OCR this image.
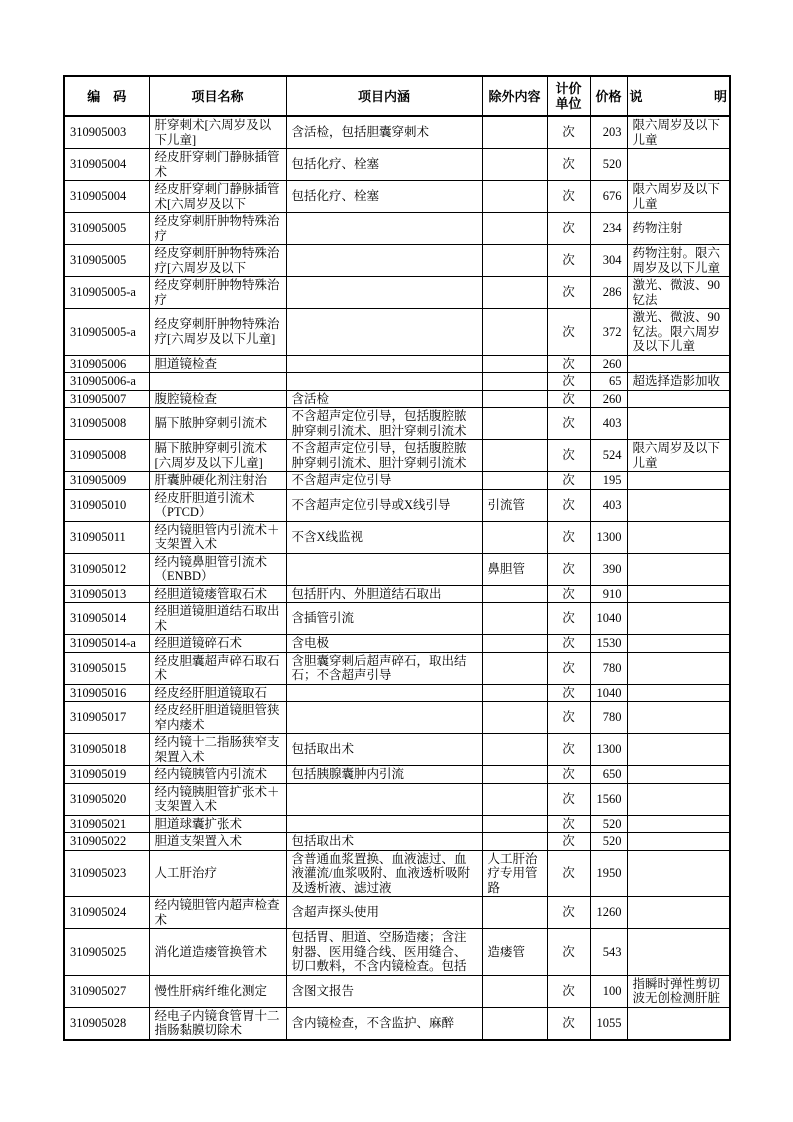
编　码	项目名称	项目内涵	除外内容	计价单位	价格	说明
310905003	肝穿刺术[六周岁及以下儿童]	含活检，包括胆囊穿刺术		次	203	限六周岁及以下儿童
310905004	经皮肝穿刺门静脉插管术	包括化疗、栓塞		次	520	
310905004	经皮肝穿刺门静脉插管术[六周岁及以下	包括化疗、栓塞		次	676	限六周岁及以下儿童
310905005	经皮穿刺肝肿物特殊治疗			次	234	药物注射
310905005	经皮穿刺肝肿物特殊治疗[六周岁及以下			次	304	药物注射。限六周岁及以下儿童
310905005-a	经皮穿刺肝肿物特殊治疗			次	286	激光、微波、90钇法
310905005-a	经皮穿刺肝肿物特殊治疗[六周岁及以下儿童]			次	372	激光、微波、90钇法。限六周岁及以下儿童
310905006	胆道镜检查			次	260	
310905006-a				次	65	超选择造影加收
310905007	腹腔镜检查	含活检		次	260	
310905008	膈下脓肿穿刺引流术	不含超声定位引导，包括腹腔脓肿穿刺引流术、胆汁穿刺引流术		次	403	
310905008	膈下脓肿穿刺引流术[六周岁及以下儿童]	不含超声定位引导，包括腹腔脓肿穿刺引流术、胆汁穿刺引流术		次	524	限六周岁及以下儿童
310905009	肝囊肿硬化剂注射治	不含超声定位引导		次	195	
310905010	经皮肝胆道引流术（PTCD）	不含超声定位引导或X线引导	引流管	次	403	
310905011	经内镜胆管内引流术＋支架置入术	不含X线监视		次	1300	
310905012	经内镜鼻胆管引流术（ENBD）		鼻胆管	次	390	
310905013	经胆道镜瘘管取石术	包括肝内、外胆道结石取出		次	910	
310905014	经胆道镜胆道结石取出术	含插管引流		次	1040	
310905014-a	经胆道镜碎石术	含电极		次	1530	
310905015	经皮胆囊超声碎石取石术	含胆囊穿刺后超声碎石，取出结石；不含超声引导		次	780	
310905016	经皮经肝胆道镜取石			次	1040	
310905017	经皮经肝胆道镜胆管狭窄内瘘术			次	780	
310905018	经内镜十二指肠狭窄支架置入术	包括取出术		次	1300	
310905019	经内镜胰管内引流术	包括胰腺囊肿内引流		次	650	
310905020	经内镜胰胆管扩张术＋支架置入术			次	1560	
310905021	胆道球囊扩张术			次	520	
310905022	胆道支架置入术	包括取出术		次	520	
310905023	人工肝治疗	含普通血浆置换、血液滤过、血液灌流/血浆吸附、血液透析吸附及透析液、滤过液	人工肝治疗专用管路	次	1950	
310905024	经内镜胆管内超声检查术	含超声探头使用		次	1260	
310905025	消化道造瘘管换管术	包括胃、胆道、空肠造瘘；含注射器、医用缝合线、医用缝合、切口敷料，不含内镜检查。包括	造瘘管	次	543	
310905027	慢性肝病纤维化测定	含图文报告		次	100	指瞬时弹性剪切波无创检测肝脏
310905028	经电子内镜食管胃十二指肠黏膜切除术	含内镜检查，不含监护、麻醉		次	1055	
